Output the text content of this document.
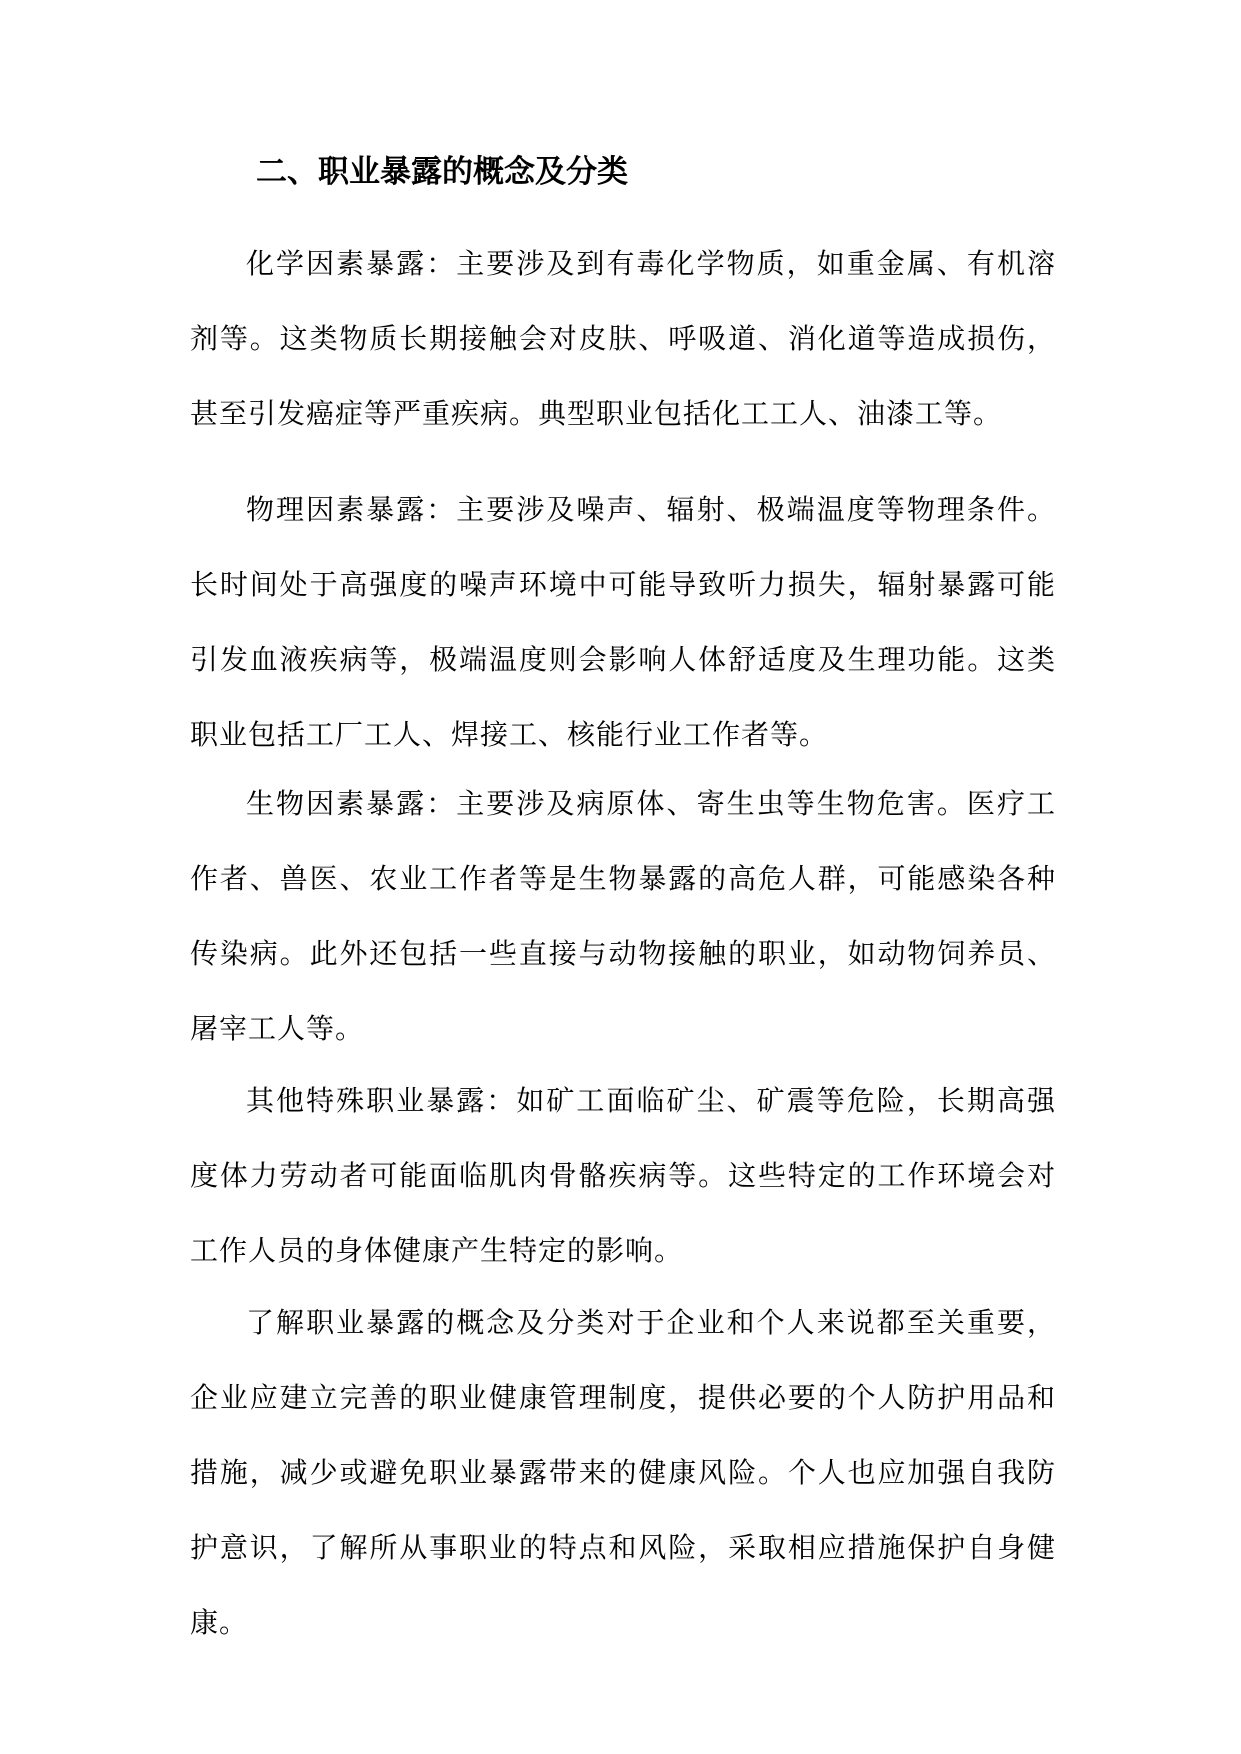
二、职业暴露的概念及分类

化学因素暴露：主要涉及到有毒化学物质，如重金属、有机溶剂等。这类物质长期接触会对皮肤、呼吸道、消化道等造成损伤，甚至引发癌症等严重疾病。典型职业包括化工工人、油漆工等。

物理因素暴露：主要涉及噪声、辐射、极端温度等物理条件。长时间处于高强度的噪声环境中可能导致听力损失，辐射暴露可能引发血液疾病等，极端温度则会影响人体舒适度及生理功能。这类职业包括工厂工人、焊接工、核能行业工作者等。

生物因素暴露：主要涉及病原体、寄生虫等生物危害。医疗工作者、兽医、农业工作者等是生物暴露的高危人群，可能感染各种传染病。此外还包括一些直接与动物接触的职业，如动物饲养员、屠宰工人等。

其他特殊职业暴露：如矿工面临矿尘、矿震等危险，长期高强度体力劳动者可能面临肌肉骨骼疾病等。这些特定的工作环境会对工作人员的身体健康产生特定的影响。

了解职业暴露的概念及分类对于企业和个人来说都至关重要，企业应建立完善的职业健康管理制度，提供必要的个人防护用品和措施，减少或避免职业暴露带来的健康风险。个人也应加强自我防护意识，了解所从事职业的特点和风险，采取相应措施保护自身健康。
